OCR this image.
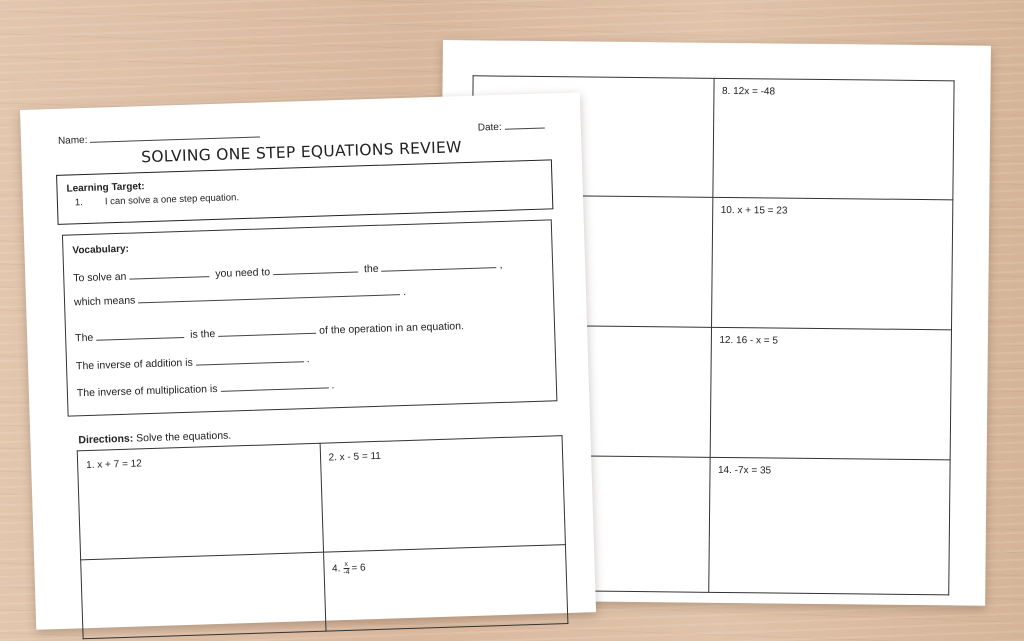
	8. 12x = -48
	10. x + 15 = 23
	12. 16 - x = 5
	14. -7x = 35
Name:
Date:
SOLVING ONE STEP EQUATIONS REVIEW
Learning Target:
1. I can solve a one step equation.
Vocabulary:
To solve an	you need to	the	,
which means.
The	is the	of the operation in an equation.
The inverse of addition is	.
The inverse of multiplication is	.
Directions: Solve the equations.
1. x + 7 = 12	2. x - 5 = 11
	4. $\frac{x}{-4} = 6$
